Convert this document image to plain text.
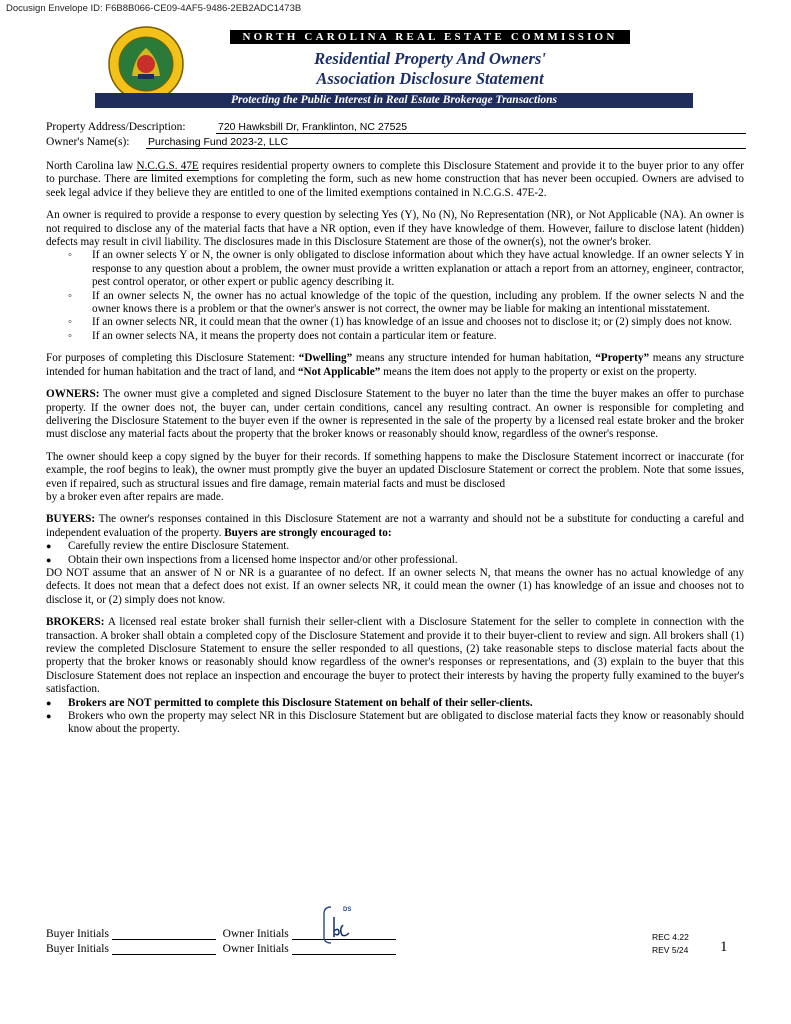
Docusign Envelope ID: F6B8B066-CE09-4AF5-9486-2EB2ADC1473B
NORTH CAROLINA REAL ESTATE COMMISSION
Residential Property And Owners'
Association Disclosure Statement
Protecting the Public Interest in Real Estate Brokerage Transactions
Property Address/Description:	720 Hawksbill Dr, Franklinton, NC 27525
Owner's Name(s): Purchasing Fund 2023-2, LLC

North Carolina law N.C.G.S. 47E requires residential property owners to complete this Disclosure Statement and provide it to the buyer prior to any offer to purchase. There are limited exemptions for completing the form, such as new home construction that has never been occupied. Owners are advised to seek legal advice if they believe they are entitled to one of the limited exemptions contained in N.C.G.S. 47E-2.

An owner is required to provide a response to every question by selecting Yes (Y), No (N), No Representation (NR), or Not Applicable (NA). An owner is not required to disclose any of the material facts that have a NR option, even if they have knowledge of them. However, failure to disclose latent (hidden) defects may result in civil liability. The disclosures made in this Disclosure Statement are those of the owner(s), not the owner's broker.

◦ If an owner selects Y or N, the owner is only obligated to disclose information about which they have actual knowledge. If an owner selects Y in response to any question about a problem, the owner must provide a written explanation or attach a report from an attorney, engineer, contractor, pest control operator, or other expert or public agency describing it.
◦ If an owner selects N, the owner has no actual knowledge of the topic of the question, including any problem. If the owner selects N and the owner knows there is a problem or that the owner's answer is not correct, the owner may be liable for making an intentional misstatement.
◦ If an owner selects NR, it could mean that the owner (1) has knowledge of an issue and chooses not to disclose it; or (2) simply does not know.
◦ If an owner selects NA, it means the property does not contain a particular item or feature.

For purposes of completing this Disclosure Statement: “Dwelling” means any structure intended for human habitation, “Property” means any structure intended for human habitation and the tract of land, and “Not Applicable” means the item does not apply to the property or exist on the property.

OWNERS: The owner must give a completed and signed Disclosure Statement to the buyer no later than the time the buyer makes an offer to purchase property. If the owner does not, the buyer can, under certain conditions, cancel any resulting contract. An owner is responsible for completing and delivering the Disclosure Statement to the buyer even if the owner is represented in the sale of the property by a licensed real estate broker and the broker must disclose any material facts about the property that the broker knows or reasonably should know, regardless of the owner's response.

The owner should keep a copy signed by the buyer for their records. If something happens to make the Disclosure Statement incorrect or inaccurate (for example, the roof begins to leak), the owner must promptly give the buyer an updated Disclosure Statement or correct the problem. Note that some issues, even if repaired, such as structural issues and fire damage, remain material facts and must be disclosed
by a broker even after repairs are made.

BUYERS: The owner's responses contained in this Disclosure Statement are not a warranty and should not be a substitute for conducting a careful and independent evaluation of the property. Buyers are strongly encouraged to:

● Carefully review the entire Disclosure Statement.
● Obtain their own inspections from a licensed home inspector and/or other professional.

DO NOT assume that an answer of N or NR is a guarantee of no defect. If an owner selects N, that means the owner has no actual knowledge of any defects. It does not mean that a defect does not exist. If an owner selects NR, it could mean the owner (1) has knowledge of an issue and chooses not to disclose it, or (2) simply does not know.

BROKERS: A licensed real estate broker shall furnish their seller-client with a Disclosure Statement for the seller to complete in connection with the transaction. A broker shall obtain a completed copy of the Disclosure Statement and provide it to their buyer-client to review and sign. All brokers shall (1) review the completed Disclosure Statement to ensure the seller responded to all questions, (2) take reasonable steps to disclose material facts about the property that the broker knows or reasonably should know regardless of the owner's responses or representations, and (3) explain to the buyer that this Disclosure Statement does not replace an inspection and encourage the buyer to protect their interests by having the property fully examined to the buyer's satisfaction.

● Brokers are NOT permitted to complete this Disclosure Statement on behalf of their seller-clients.
● Brokers who own the property may select NR in this Disclosure Statement but are obligated to disclose material facts they know or reasonably should know about the property.
Buyer Initials	Owner Initials
Buyer Initials	Owner Initials
DS
REC 4.22
REV 5/24 1
